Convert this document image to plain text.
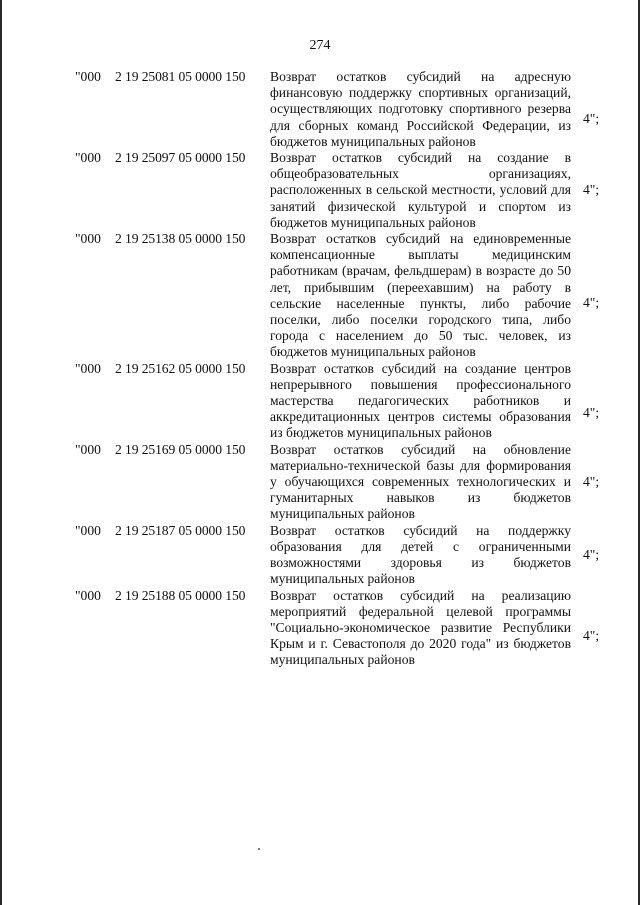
274
"000 2 19 25081 05 0000 150 Возврат остатков субсидий на адресную финансовую поддержку спортивных организаций, осуществляющих подготовку спортивного резерва для сборных команд Российской Федерации, из бюджетов муниципальных районов
4";
"000 2 19 25097 05 0000 150 Возврат остатков субсидий на создание в общеобразовательных организациях, расположенных в сельской местности, условий для занятий физической культурой и спортом из бюджетов муниципальных районов
4";
"000 2 19 25138 05 0000 150 Возврат остатков субсидий на единовременные компенсационные выплаты медицинским работникам (врачам, фельдшерам) в возрасте до 50 лет, прибывшим (переехавшим) на работу в сельские населенные пункты, либо рабочие поселки, либо поселки городского типа, либо города с населением до 50 тыс. человек, из бюджетов муниципальных районов
4";
"000 2 19 25162 05 0000 150 Возврат остатков субсидий на создание центров непрерывного повышения профессионального мастерства педагогических работников и аккредитационных центров системы образования из бюджетов муниципальных районов
4";
"000 2 19 25169 05 0000 150 Возврат остатков субсидий на обновление материально-технической базы для формирования у обучающихся современных технологических и гуманитарных навыков из бюджетов муниципальных районов
4";
"000 2 19 25187 05 0000 150 Возврат остатков субсидий на поддержку образования для детей с ограниченными возможностями здоровья из бюджетов муниципальных районов
4";
"000 2 19 25188 05 0000 150 Возврат остатков субсидий на реализацию мероприятий федеральной целевой программы "Социально-экономическое развитие Республики Крым и г. Севастополя до 2020 года" из бюджетов муниципальных районов
4";
